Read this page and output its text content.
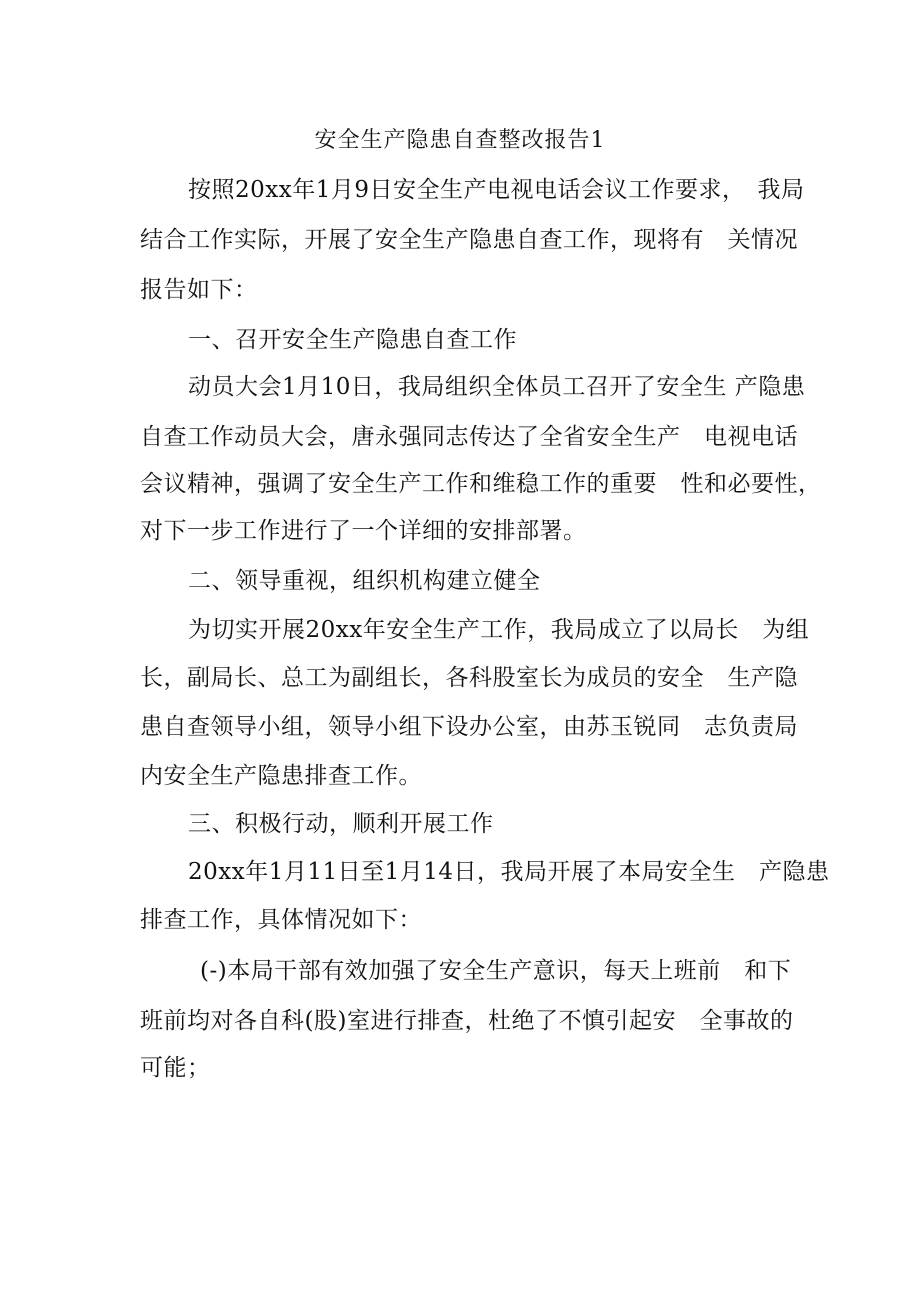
安全生产隐患自查整改报告1
按照20xx年1月9日安全生产电视电话会议工作要求，　我局
结合工作实际，开展了安全生产隐患自查工作，现将有　关情况
报告如下：
一、召开安全生产隐患自查工作
动员大会1月10日，我局组织全体员工召开了安全生 产隐患
自查工作动员大会，唐永强同志传达了全省安全生产　电视电话
会议精神，强调了安全生产工作和维稳工作的重要　性和必要性，
对下一步工作进行了一个详细的安排部署。
二、领导重视，组织机构建立健全
为切实开展20xx年安全生产工作，我局成立了以局长　为组
长，副局长、总工为副组长，各科股室长为成员的安全　生产隐
患自查领导小组，领导小组下设办公室，由苏玉锐同　志负责局
内安全生产隐患排查工作。
三、积极行动，顺利开展工作
20xx年1月11日至1月14日，我局开展了本局安全生　产隐患
排查工作，具体情况如下：
(-)本局干部有效加强了安全生产意识，每天上班前　和下
班前均对各自科(股)室进行排查，杜绝了不慎引起安　全事故的
可能；
